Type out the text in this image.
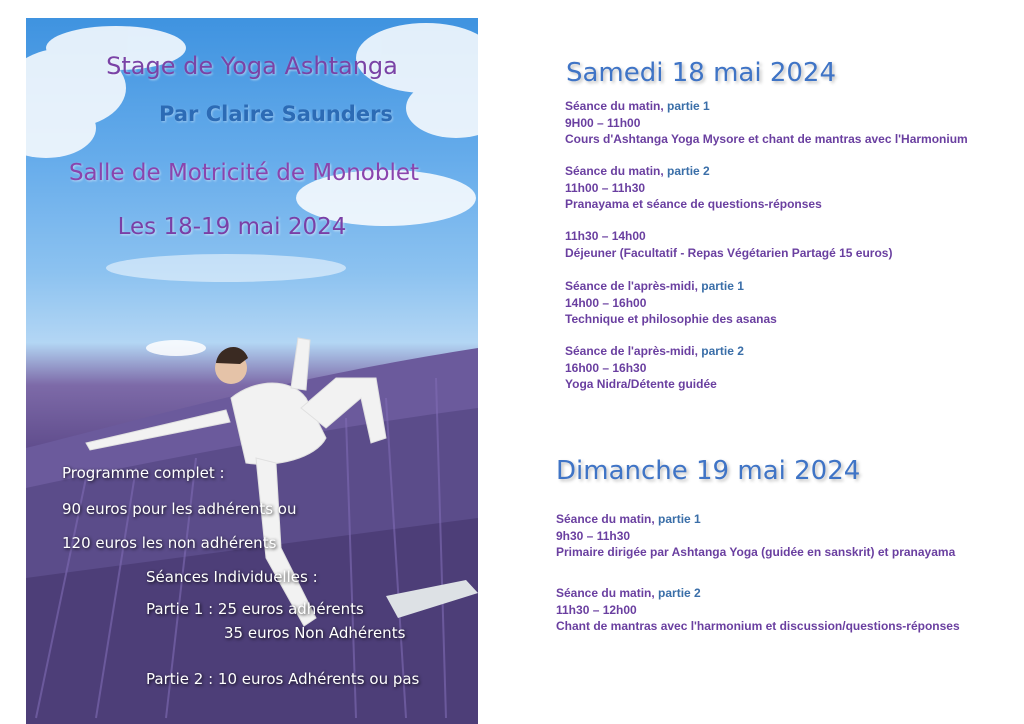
Stage de Yoga Ashtanga
Par Claire Saunders
Salle de Motricité de Monoblet
Les 18-19 mai 2024
Programme complet :
90 euros pour les adhérents ou
120 euros les non adhérents
Séances Individuelles :
Partie 1 : 25 euros adhérents
35 euros Non Adhérents
Partie 2 : 10 euros Adhérents ou pas
Samedi 18 mai 2024
Séance du matin, partie 1
9H00 – 11h00
Cours d'Ashtanga Yoga Mysore et chant de mantras avec l'Harmonium
Séance du matin, partie 2
11h00 – 11h30
Pranayama et séance de questions-réponses
11h30 – 14h00
Déjeuner (Facultatif - Repas Végétarien Partagé 15 euros)
Séance de l'après-midi, partie 1
14h00 – 16h00
Technique et philosophie des asanas
Séance de l'après-midi, partie 2
16h00 – 16h30
Yoga Nidra/Détente guidée
Dimanche 19 mai 2024
Séance du matin, partie 1
9h30 – 11h30
Primaire dirigée par Ashtanga Yoga (guidée en sanskrit) et pranayama
Séance du matin, partie 2
11h30 – 12h00
Chant de mantras avec l'harmonium et discussion/questions-réponses
